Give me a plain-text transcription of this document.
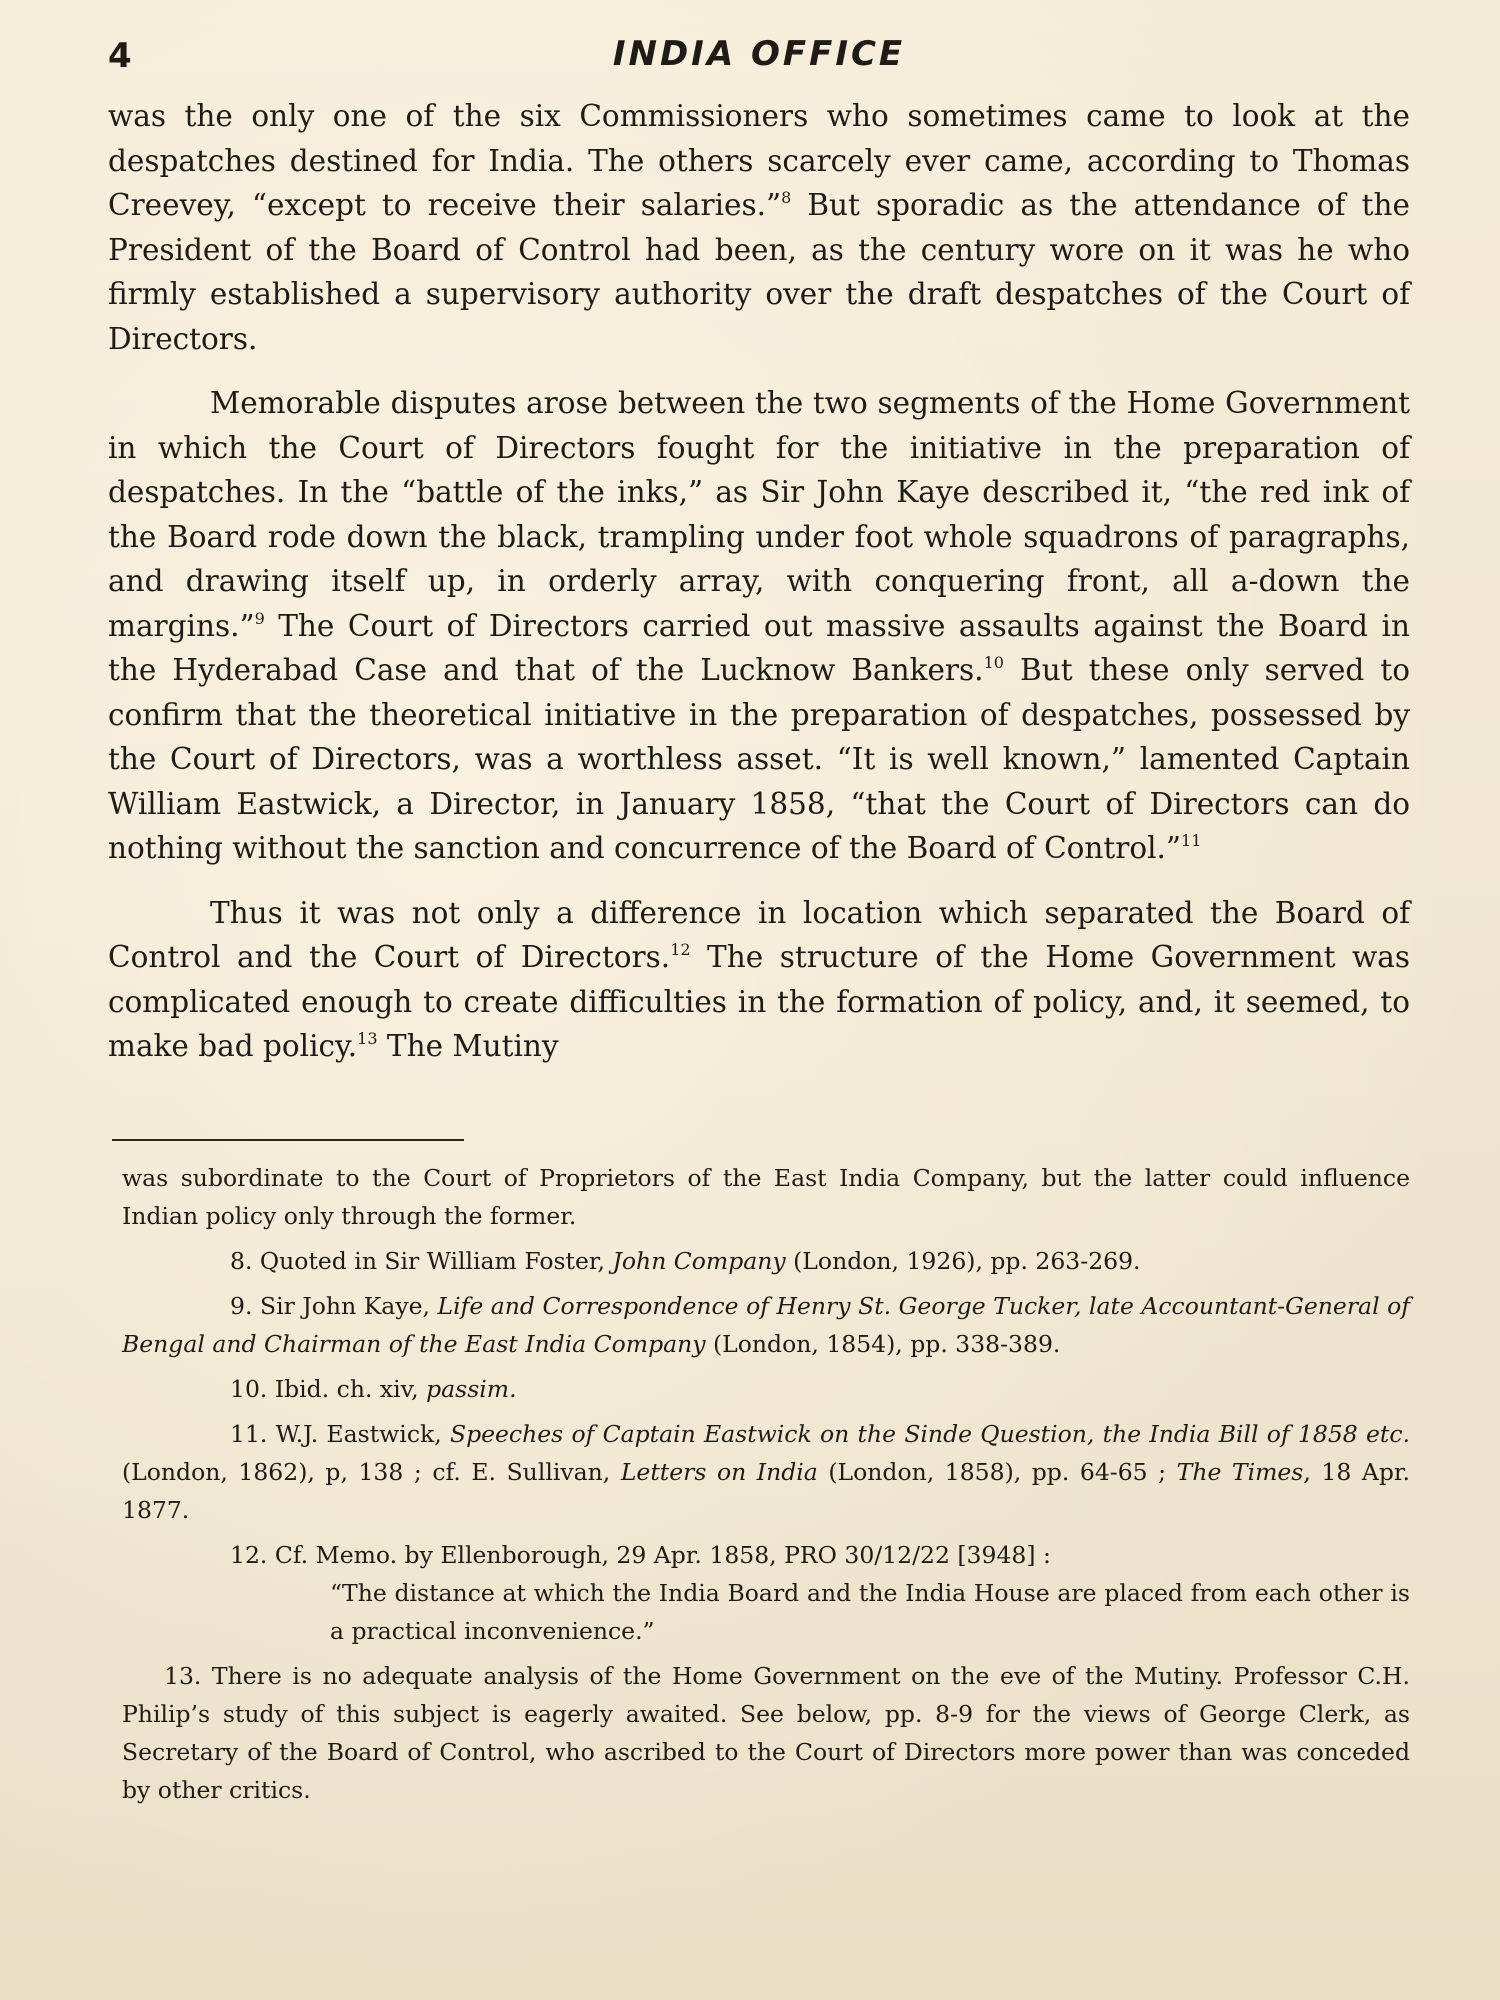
4	INDIA OFFICE

was the only one of the six Commissioners who sometimes came to look at the despatches destined for India. The others scarcely ever came, according to Thomas Creevey, “except to receive their salaries.”$^8$ But sporadic as the attendance of the President of the Board of Control had been, as the century wore on it was he who firmly established a supervisory authority over the draft despatches of the Court of Directors.

Memorable disputes arose between the two segments of the Home Government in which the Court of Directors fought for the initiative in the preparation of despatches. In the “battle of the inks,” as Sir John Kaye described it, “the red ink of the Board rode down the black, trampling under foot whole squadrons of paragraphs, and drawing itself up, in orderly array, with conquering front, all a-down the margins.”$^9$ The Court of Directors carried out massive assaults against the Board in the Hyderabad Case and that of the Lucknow Bankers.$^{10}$ But these only served to confirm that the theoretical initiative in the preparation of despatches, possessed by the Court of Directors, was a worthless asset. “It is well known,” lamented Captain William Eastwick, a Director, in January 1858, “that the Court of Directors can do nothing without the sanction and concurrence of the Board of Control.”$^{11}$

Thus it was not only a difference in location which separated the Board of Control and the Court of Directors.$^{12}$ The structure of the Home Government was complicated enough to create difficulties in the formation of policy, and, it seemed, to make bad policy.$^{13}$ The Mutiny

was subordinate to the Court of Proprietors of the East India Company, but the latter could influence Indian policy only through the former.

8. Quoted in Sir William Foster, John Company (London, 1926), pp. 263-269.

9. Sir John Kaye, Life and Correspondence of Henry St. George Tucker, late Accountant-General of Bengal and Chairman of the East India Company (London, 1854), pp. 338-389.

10. Ibid. ch. xiv, passim.

11. W.J. Eastwick, Speeches of Captain Eastwick on the Sinde Question, the India Bill of 1858 etc. (London, 1862), p, 138 ; cf. E. Sullivan, Letters on India (London, 1858), pp. 64-65 ; The Times, 18 Apr. 1877.

12. Cf. Memo. by Ellenborough, 29 Apr. 1858, PRO 30/12/22 [3948] :

“The distance at which the India Board and the India House are placed from each other is a practical inconvenience.”

13. There is no adequate analysis of the Home Government on the eve of the Mutiny. Professor C.H. Philip’s study of this subject is eagerly awaited. See below, pp. 8-9 for the views of George Clerk, as Secretary of the Board of Control, who ascribed to the Court of Directors more power than was conceded by other critics.
